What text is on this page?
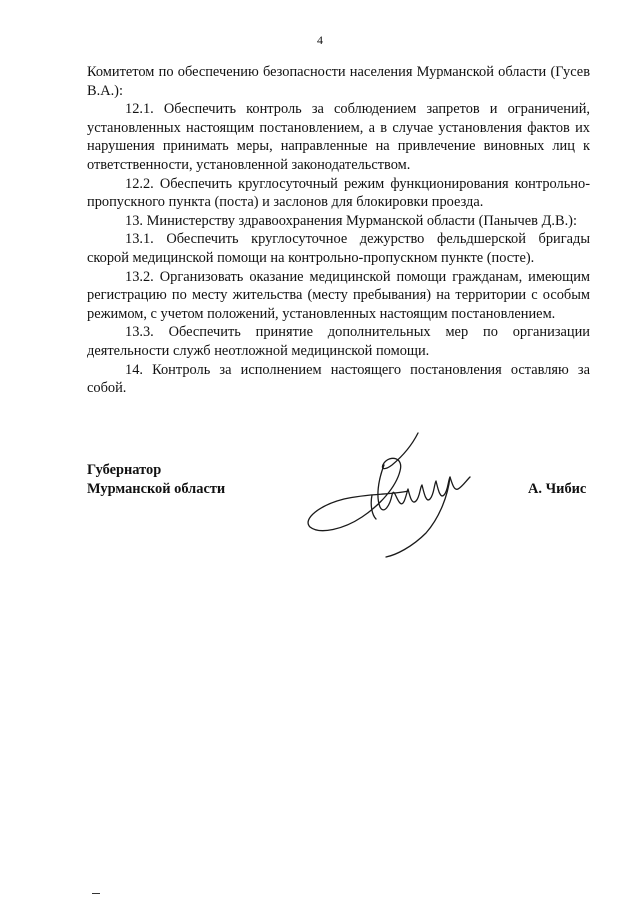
4

Комитетом по обеспечению безопасности населения Мурманской области (Гусев В.А.):

12.1. Обеспечить контроль за соблюдением запретов и ограничений, установленных настоящим постановлением, а в случае установления фактов их нарушения принимать меры, направленные на привлечение виновных лиц к ответственности, установленной законодательством.

12.2. Обеспечить круглосуточный режим функционирования контрольно-пропускного пункта (поста) и заслонов для блокировки проезда.

13. Министерству здравоохранения Мурманской области (Панычев Д.В.):

13.1. Обеспечить круглосуточное дежурство фельдшерской бригады скорой медицинской помощи на контрольно-пропускном пункте (посте).

13.2. Организовать оказание медицинской помощи гражданам, имеющим регистрацию по месту жительства (месту пребывания) на территории с особым режимом, с учетом положений, установленных настоящим постановлением.

13.3. Обеспечить принятие дополнительных мер по организации деятельности служб неотложной медицинской помощи.

14. Контроль за исполнением настоящего постановления оставляю за собой.

Губернатор
Мурманской области	А. Чибис
